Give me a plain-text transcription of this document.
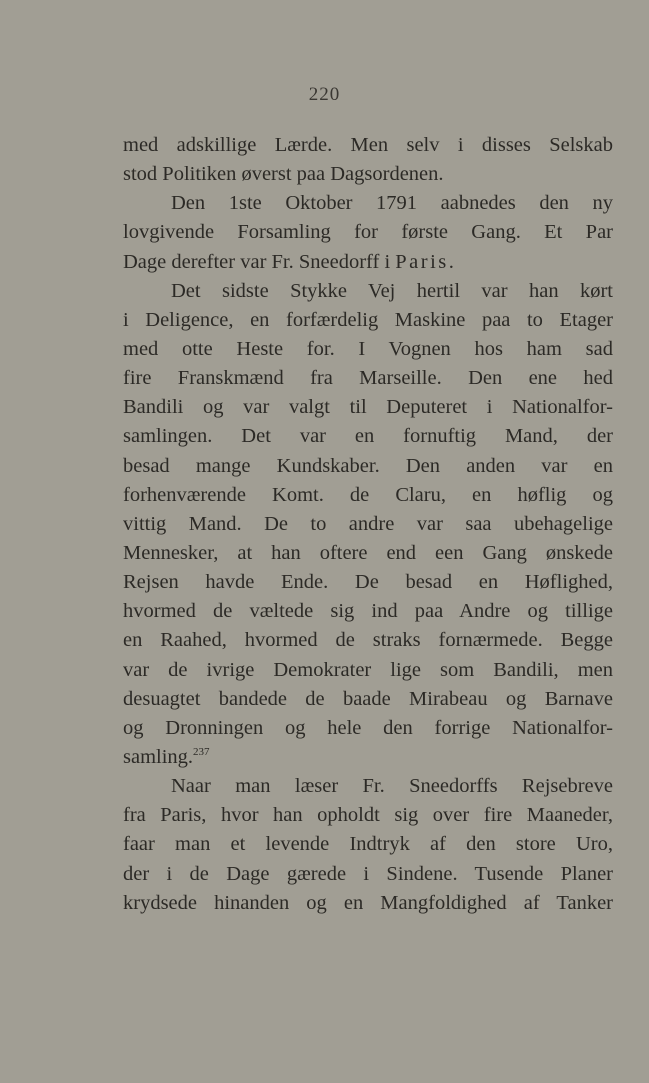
220
med adskillige Lærde. Men selv i disses Selskab
stod Politiken øverst paa Dagsordenen.
Den 1ste Oktober 1791 aabnedes den ny
lovgivende Forsamling for første Gang. Et Par
Dage derefter var Fr. Sneedorff i Paris.
Det sidste Stykke Vej hertil var han kørt
i Deligence, en forfærdelig Maskine paa to Etager
med otte Heste for. I Vognen hos ham sad
fire Franskmænd fra Marseille. Den ene hed
Bandili og var valgt til Deputeret i Nationalfor-
samlingen. Det var en fornuftig Mand, der
besad mange Kundskaber. Den anden var en
forhenværende Komt. de Claru, en høflig og
vittig Mand. De to andre var saa ubehagelige
Mennesker, at han oftere end een Gang ønskede
Rejsen havde Ende. De besad en Høflighed,
hvormed de væltede sig ind paa Andre og tillige
en Raahed, hvormed de straks fornærmede. Begge
var de ivrige Demokrater lige som Bandili, men
desuagtet bandede de baade Mirabeau og Barnave
og Dronningen og hele den forrige Nationalfor-
samling.$^{237}$
Naar man læser Fr. Sneedorffs Rejsebreve
fra Paris, hvor han opholdt sig over fire Maaneder,
faar man et levende Indtryk af den store Uro,
der i de Dage gærede i Sindene. Tusende Planer
krydsede hinanden og en Mangfoldighed af Tanker
